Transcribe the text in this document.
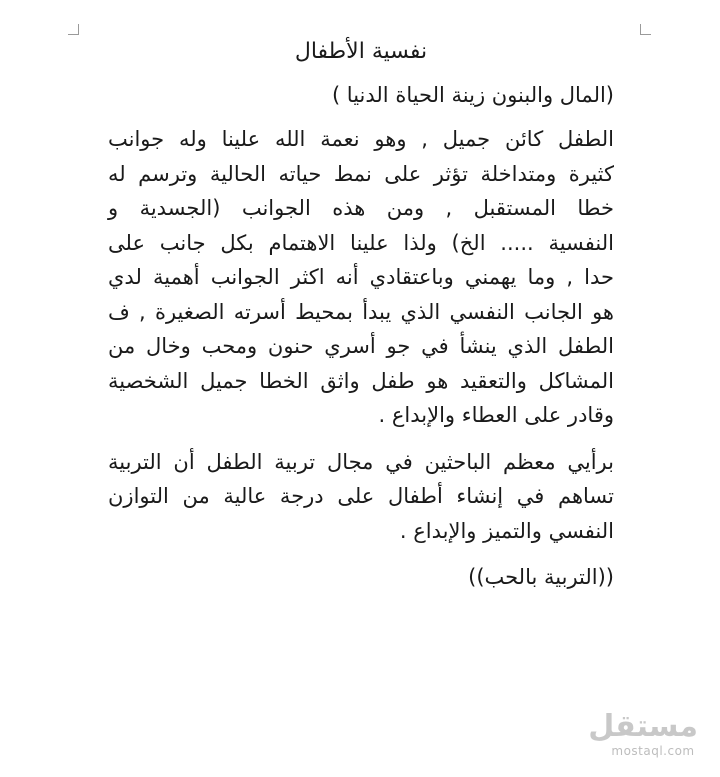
نفسية الأطفال

(المال والبنون زينة الحياة الدنيا )

الطفل كائن جميل , وهو نعمة الله علينا وله جوانب
كثيرة ومتداخلة تؤثر على نمط حياته الحالية وترسم له
خطا المستقبل , ومن هذه الجوانب (الجسدية و
النفسية ..... الخ) ولذا علينا الاهتمام بكل جانب على
حدا , وما يهمني وباعتقادي أنه اكثر الجوانب أهمية لدي
هو الجانب النفسي الذي يبدأ بمحيط أسرته الصغيرة , ف
الطفل الذي ينشأ في جو أسري حنون ومحب وخال من
المشاكل والتعقيد هو طفل واثق الخطا جميل الشخصية
وقادر على العطاء والإبداع .

برأيي معظم الباحثين في مجال تربية الطفل أن التربية
تساهم في إنشاء أطفال على درجة عالية من التوازن
النفسي والتميز والإبداع .

((التربية بالحب))

مستقل
mostaql.com
